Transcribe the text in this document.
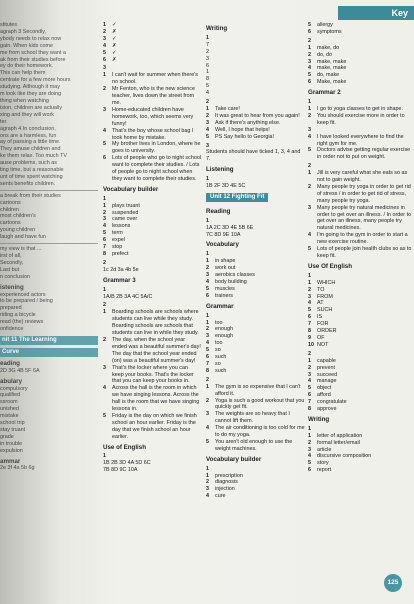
Key
stitutes
agraph 3 Secondly,
ybody needs to relax now
gain. When kids come
me from school they want a
ak from their studies before
ey do their homework.
This can help them
centrate for a few more hours
studying. Although it may
m look like they are doing
thing when watching
ision, children are actually
xing and they will work
ter.
agraph 4 In conclusion,
ons are a harmless, fun
ay of passing a little time.
They amuse children and
ke them relax. Too much TV
ause problems, such as
ting time, but a reasonable
unt of time spent watching
sents benefits children.
a break from their studies
cartoons
children
most children's
cartoons
young children
laugh and have fun
my view is that ...
irst of all,
Secondly,
Last but
n conclusion
istening
experienced actors
to be prepared / being
prepared
riding a bicycle
read (the) reviews
onfidence
nit 11 The Learning
Curve
eading
2D 3G 4B 5F 6A
abulary
compulsory
qualified
ssroom
unished
mistake
school trip
stay truant
grade
in trouble
expulsion
ammar
2e 3f 4a 5b 6g
1	✓
2	✗
3	✓
4	✗
5	✓
6	✗
3
1	I can't wait for summer when there's no school.
2	Mr Fenton, who is the new science teacher, lives down the street from me.
3	Home-educated children have homework, too, which seems very funny!
4	That's the boy whose school bag I took home by mistake.
5	My brother lives in London, where he goes to university.
6	Lots of people who go to night school want to complete their studies. / Lots of people go to night school when they want to complete their studies.
Vocabulary builder
1
1	plays truant
2	suspended
3	came over
4	lessons
5	term
6	expel
7	stop
8	prefect
2
1c 2d 3a 4b 5e
Grammar 3
1
1A/B 2B 3A 4C 5A/C
2
1	Boarding schools are schools where students can live while they study. Boarding schools are schools that students can live in while they study.
2	The day, when the school year ended was a beautiful summer's day! The day that the school year ended (on) was a beautiful summer's day!
3	That's the locker where you can keep your books. That's the locker that you can keep your books in.
4	Across the hall is the room in which we have singing lessons. Across the hall is the room that we have singing lessons in.
5	Friday is the day on which we finish school an hour earlier. Friday is the day that we finish school an hour earlier.
Use of English
1
1B 2B 3D 4A 5D 6C
7B 8D 9C 10A
Writing
1
7
2
3
6
1
8
5
4
2
1	Take care!
2	It was great to hear from you again!
3	Ask if there's anything else.
4	Well, I hope that helps!
5	PS Say hello to Georgia!
3
Students should have ticked 1, 3, 4 and 7.
Listening
1
1B 2F 3D 4E 5C
Unit 12 Fighting Fit
Reading
1
1A 2C 3D 4E 5B 6E
7C 8D 9E 10A
Vocabulary
1
1	in shape
2	work out
3	aerobics classes
4	body building
5	muscles
6	trainers
Grammar
1
1	too
2	enough
3	enough
4	too
5	so
6	such
7	so
8	such
2
1	The gym is so expensive that I can't afford it.
2	Yoga is such a good workout that you quickly get fit.
3	The weights are so heavy that I cannot lift them.
4	The air conditioning is too cold for me to do my yoga.
5	You aren't old enough to use the weight machines.
Vocabulary builder
1
1	prescription
2	diagnosis
3	injection
4	cure
5	allergy
6	symptoms
2
1	make, do
2	do, do
3	make, make
4	make, make
5	do, make
6	Make, make
Grammar 2
1
1	I go to yoga classes to get in shape.
2	You should exercise more in order to keep fit.
3
4	I have looked everywhere to find the right gym for me.
5	Doctors advise getting regular exercise in order not to put on weight.
2
1	Jill is very careful what she eats so as not to gain weight.
2	Many people try yoga in order to get rid of stress / in order to get rid of stress, many people try yoga.
3	Many people try natural medicines in order to get over an illness. / In order to get over an illness, many people try natural medicines.
4	I'm going to the gym in order to start a new exercise routine.
5	Lots of people join health clubs so as to keep fit.
Use Of English
1
1	WHICH
2	TO
3	FROM
4	AT
5	SUCH
6	IS
7	FOR
8	ORDER
9	OF
10 NOT
2
1	capable
2	prevent
3	succeed
4	manage
5	object
6	afford
7	congratulate
8	approve
Writing
1
1	letter of application
2	formal letter/email
3	article
4	discursive composition
5	story
6	report
125
